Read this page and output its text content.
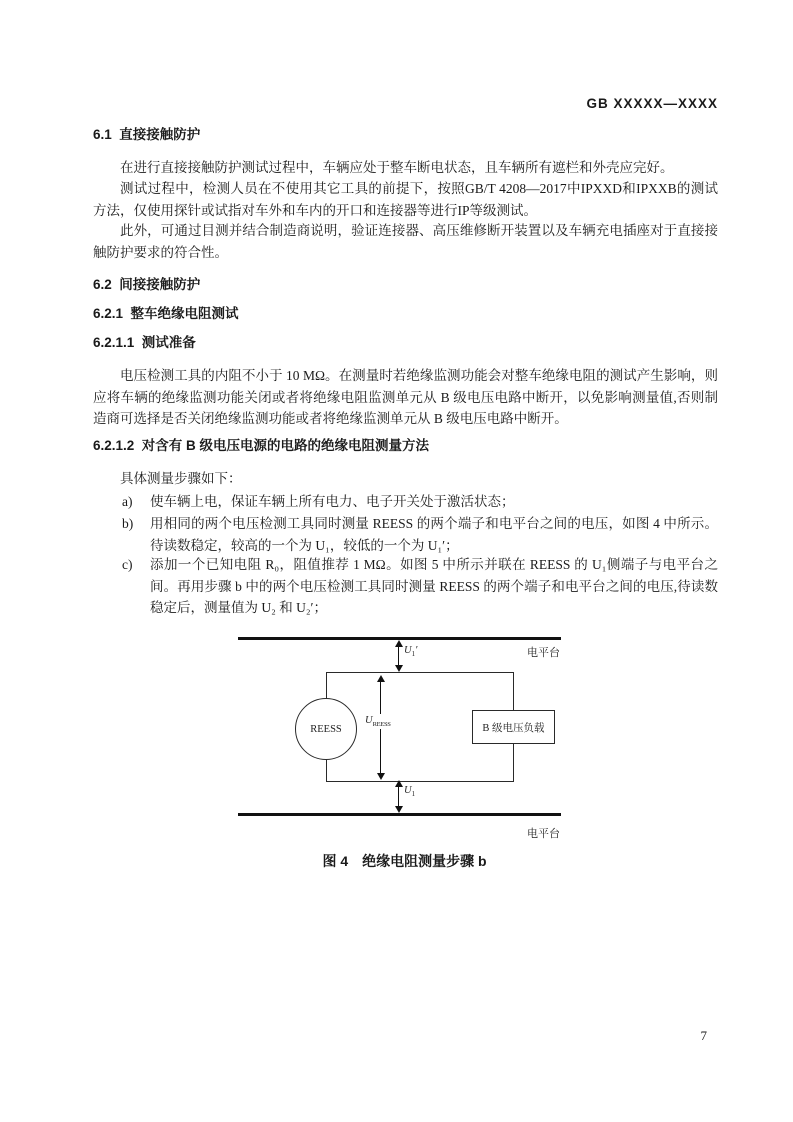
GB XXXXX—XXXX
6.1  直接接触防护
在进行直接接触防护测试过程中，车辆应处于整车断电状态，且车辆所有遮栏和外壳应完好。
测试过程中，检测人员在不使用其它工具的前提下，按照GB/T 4208—2017中IPXXD和IPXXB的测试方法，仅使用探针或试指对车外和车内的开口和连接器等进行IP等级测试。
此外，可通过目测并结合制造商说明，验证连接器、高压维修断开装置以及车辆充电插座对于直接接触防护要求的符合性。
6.2  间接接触防护
6.2.1  整车绝缘电阻测试
6.2.1.1  测试准备
电压检测工具的内阻不小于 10 MΩ。在测量时若绝缘监测功能会对整车绝缘电阻的测试产生影响，则应将车辆的绝缘监测功能关闭或者将绝缘电阻监测单元从 B 级电压电路中断开，以免影响测量值,否则制造商可选择是否关闭绝缘监测功能或者将绝缘监测单元从 B 级电压电路中断开。
6.2.1.2  对含有 B 级电压电源的电路的绝缘电阻测量方法
具体测量步骤如下：
a)	使车辆上电，保证车辆上所有电力、电子开关处于激活状态；
b)	用相同的两个电压检测工具同时测量 REESS 的两个端子和电平台之间的电压，如图 4 中所示。待读数稳定，较高的一个为 U₁，较低的一个为 U₁′；
c)	添加一个已知电阻 R₀，阻值推荐 1 MΩ。如图 5 中所示并联在 REESS 的 U₁侧端子与电平台之间。再用步骤 b 中的两个电压检测工具同时测量 REESS 的两个端子和电平台之间的电压,待读数稳定后，测量值为 U₂ 和 U₂′；
电平台
$U_1'$
REESS
$U_{REESS}$	B 级电压负载
$U_1$
电平台
图 4　绝缘电阻测量步骤 b
7
